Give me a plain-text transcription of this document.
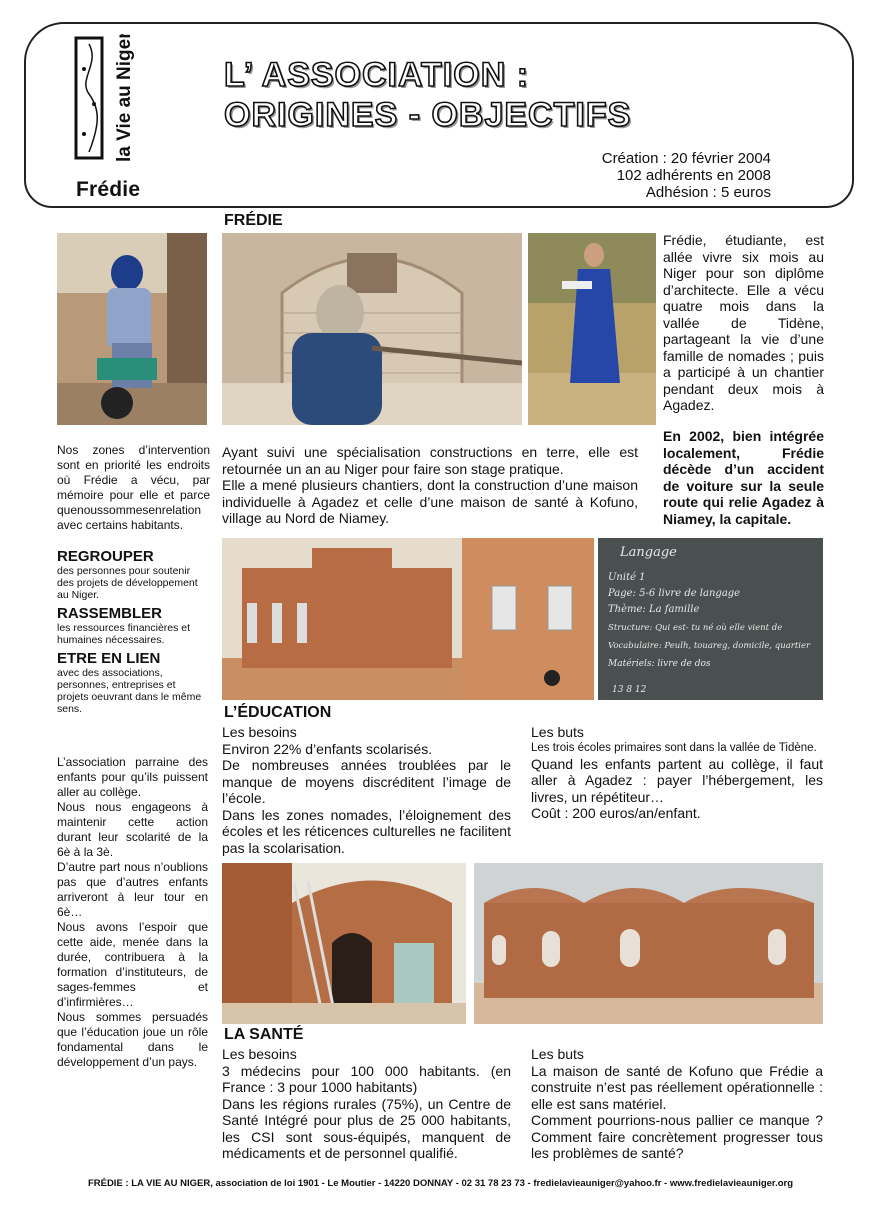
la Vie au Niger
Frédie
L’ ASSOCIATION :
ORIGINES - OBJECTIFS
Création : 20 février 2004
102 adhérents en 2008
Adhésion : 5 euros
FRÉDIE
Frédie, étudiante, est allée vivre six mois au Niger pour son diplôme d’architecte. Elle a vécu quatre mois dans la vallée de Tidène, partageant la vie d’une famille de nomades ; puis a participé à un chantier pendant deux mois à Agadez.
En 2002, bien intégrée localement, Frédie décède d’un accident de voiture sur la seule route qui relie Agadez à Niamey, la capitale.
Ayant suivi une spécialisation constructions en terre, elle est retournée un an au Niger pour faire son stage pratique.
Elle a mené plusieurs chantiers, dont la construction d’une maison individuelle à Agadez et celle d’une maison de santé à Kofuno, village au Nord de Niamey.
Nos zones d’intervention sont en priorité les endroits où Frédie a vécu, par mémoire pour elle et parce quenoussommesenrelation avec certains habitants.
REGROUPER
des personnes pour soutenir des projets de développement au Niger.
RASSEMBLER
les ressources financières et humaines nécessaires.
ETRE EN LIEN
avec des associations, personnes, entreprises et projets oeuvrant dans le même sens.
Langage
Unité 1
Page: 5-6 livre de langage
Thème: La famille
Structure: Qui est- tu né où elle vient de
Vocabulaire: Peulh, touareg, domicile, quartier
Matériels: livre de dos
13 8 12
L’association parraine des enfants pour qu’ils puissent aller au collège.
Nous nous engageons à maintenir cette action durant leur scolarité de la 6è à la 3è.
D’autre part nous n’oublions pas que d’autres enfants arriveront à leur tour en 6è…
Nous avons l’espoir que cette aide, menée dans la durée, contribuera à la formation d’instituteurs, de sages-femmes et d’infirmières…
Nous sommes persuadés que l’éducation joue un rôle fondamental dans le développement d’un pays.
L’ÉDUCATION
Les besoins
Environ 22% d’enfants scolarisés.
De nombreuses années troublées par le manque de moyens discréditent l’image de l’école.
Dans les zones nomades, l’éloignement des écoles et les réticences culturelles ne facilitent pas la scolarisation.
Les buts
Les trois écoles primaires sont dans la vallée de Tidène.
Quand les enfants partent au collège, il faut aller à Agadez : payer l’hébergement, les livres, un répétiteur…
Coût : 200 euros/an/enfant.
LA SANTÉ
Les besoins
3 médecins pour 100 000 habitants. (en France : 3 pour 1000 habitants)
Dans les régions rurales (75%), un Centre de Santé Intégré pour plus de 25 000 habitants, les CSI sont sous-équipés, manquent de médicaments et de personnel qualifié.
Les buts
La maison de santé de Kofuno que Frédie a construite n’est pas réellement opérationnelle : elle est sans matériel.
Comment pourrions-nous pallier ce manque ? Comment faire concrètement progresser tous les problèmes de santé?
FRÉDIE : LA VIE AU NIGER, association de loi 1901 - Le Moutier - 14220 DONNAY - 02 31 78 23 73 - fredielavieauniger@yahoo.fr - www.fredielavieauniger.org
